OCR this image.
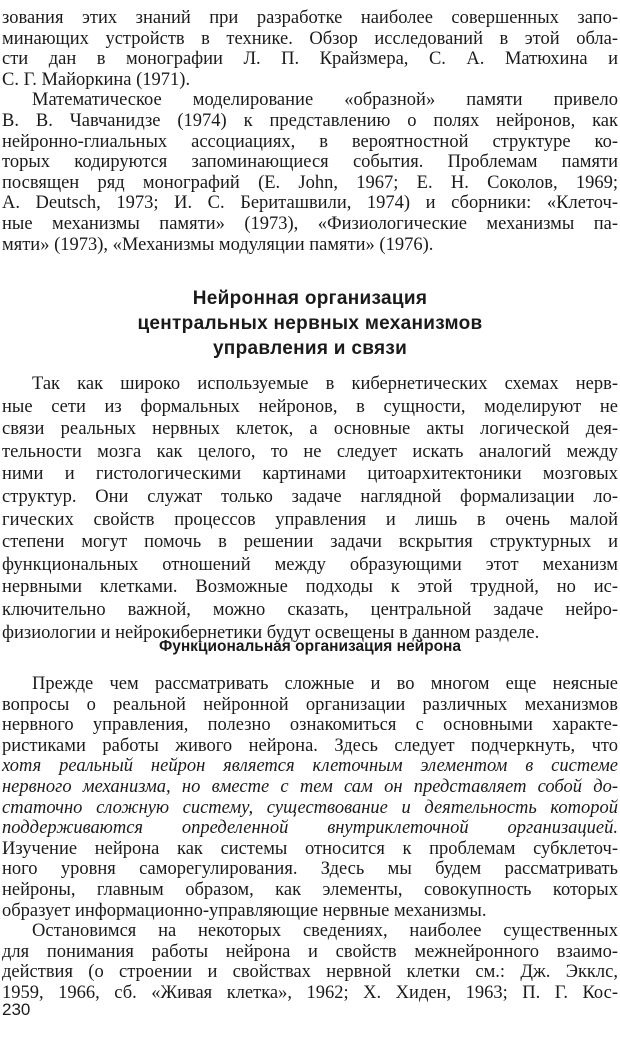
зования этих знаний при разработке наиболее совершенных запо-
минающих устройств в технике. Обзор исследований в этой обла-
сти дан в монографии Л. П. Крайзмера, С. А. Матюхина и
С. Г. Майоркина (1971).
Математическое моделирование «образной» памяти привело
В. В. Чавчанидзе (1974) к представлению о полях нейронов, как
нейронно-глиальных ассоциациях, в вероятностной структуре ко-
торых кодируются запоминающиеся события. Проблемам памяти
посвящен ряд монографий (E. John, 1967; Е. Н. Соколов, 1969;
A. Deutsch, 1973; И. С. Бериташвили, 1974) и сборники: «Клеточ-
ные механизмы памяти» (1973), «Физиологические механизмы па-
мяти» (1973), «Механизмы модуляции памяти» (1976).
Нейронная организация
центральных нервных механизмов
управления и связи
Так как широко используемые в кибернетических схемах нерв-
ные сети из формальных нейронов, в сущности, моделируют не
связи реальных нервных клеток, а основные акты логической дея-
тельности мозга как целого, то не следует искать аналогий между
ними и гистологическими картинами цитоархитектоники мозговых
структур. Они служат только задаче наглядной формализации ло-
гических свойств процессов управления и лишь в очень малой
степени могут помочь в решении задачи вскрытия структурных и
функциональных отношений между образующими этот механизм
нервными клетками. Возможные подходы к этой трудной, но ис-
ключительно важной, можно сказать, центральной задаче нейро-
физиологии и нейрокибернетики будут освещены в данном разделе.
Функциональная организация нейрона
Прежде чем рассматривать сложные и во многом еще неясные
вопросы о реальной нейронной организации различных механизмов
нервного управления, полезно ознакомиться с основными характе-
ристиками работы живого нейрона. Здесь следует подчеркнуть, что
хотя реальный нейрон является клеточным элементом в системе
нервного механизма, но вместе с тем сам он представляет собой до-
статочно сложную систему, существование и деятельность которой
поддерживаются определенной внутриклеточной организацией.
Изучение нейрона как системы относится к проблемам субклеточ-
ного уровня саморегулирования. Здесь мы будем рассматривать
нейроны, главным образом, как элементы, совокупность которых
образует информационно-управляющие нервные механизмы.
Остановимся на некоторых сведениях, наиболее существенных
для понимания работы нейрона и свойств межнейронного взаимо-
действия (о строении и свойствах нервной клетки см.: Дж. Экклс,
1959, 1966, сб. «Живая клетка», 1962; Х. Хиден, 1963; П. Г. Кос-
230
